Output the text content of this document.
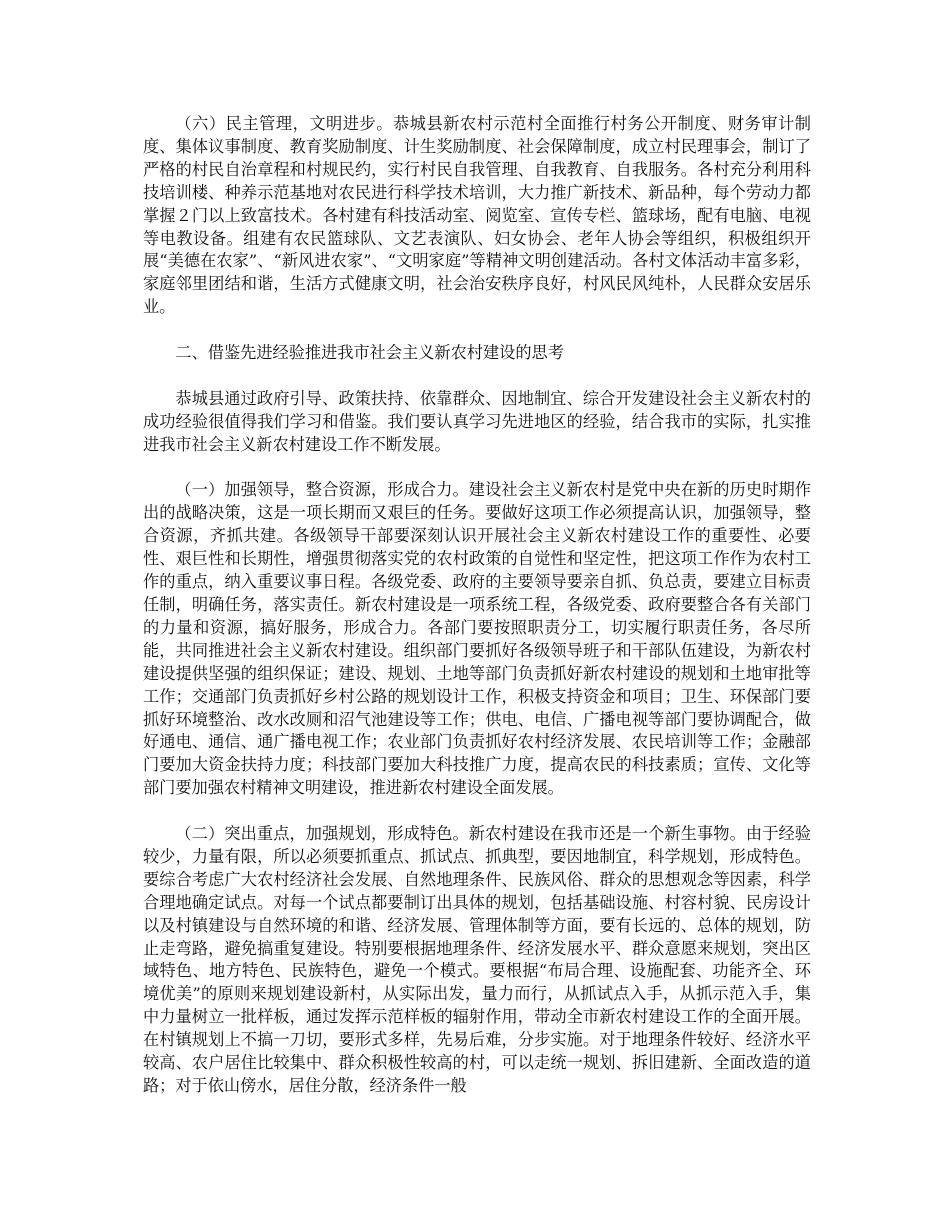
（六）民主管理，文明进步。恭城县新农村示范村全面推行村务公开制度、财务审计制度、集体议事制度、教育奖励制度、计生奖励制度、社会保障制度，成立村民理事会，制订了严格的村民自治章程和村规民约，实行村民自我管理、自我教育、自我服务。各村充分利用科技培训楼、种养示范基地对农民进行科学技术培训，大力推广新技术、新品种，每个劳动力都掌握２门以上致富技术。各村建有科技活动室、阅览室、宣传专栏、篮球场，配有电脑、电视等电教设备。组建有农民篮球队、文艺表演队、妇女协会、老年人协会等组织，积极组织开展“美德在农家”、“新风进农家”、“文明家庭”等精神文明创建活动。各村文体活动丰富多彩，家庭邻里团结和谐，生活方式健康文明，社会治安秩序良好，村风民风纯朴，人民群众安居乐业。

二、借鉴先进经验推进我市社会主义新农村建设的思考

恭城县通过政府引导、政策扶持、依靠群众、因地制宜、综合开发建设社会主义新农村的成功经验很值得我们学习和借鉴。我们要认真学习先进地区的经验，结合我市的实际，扎实推进我市社会主义新农村建设工作不断发展。

（一）加强领导，整合资源，形成合力。建设社会主义新农村是党中央在新的历史时期作出的战略决策，这是一项长期而又艰巨的任务。要做好这项工作必须提高认识，加强领导，整合资源，齐抓共建。各级领导干部要深刻认识开展社会主义新农村建设工作的重要性、必要性、艰巨性和长期性，增强贯彻落实党的农村政策的自觉性和坚定性，把这项工作作为农村工作的重点，纳入重要议事日程。各级党委、政府的主要领导要亲自抓、负总责，要建立目标责任制，明确任务，落实责任。新农村建设是一项系统工程，各级党委、政府要整合各有关部门的力量和资源，搞好服务，形成合力。各部门要按照职责分工，切实履行职责任务，各尽所能，共同推进社会主义新农村建设。组织部门要抓好各级领导班子和干部队伍建设，为新农村建设提供坚强的组织保证；建设、规划、土地等部门负责抓好新农村建设的规划和土地审批等工作；交通部门负责抓好乡村公路的规划设计工作，积极支持资金和项目；卫生、环保部门要抓好环境整治、改水改厕和沼气池建设等工作；供电、电信、广播电视等部门要协调配合，做好通电、通信、通广播电视工作；农业部门负责抓好农村经济发展、农民培训等工作；金融部门要加大资金扶持力度；科技部门要加大科技推广力度，提高农民的科技素质；宣传、文化等部门要加强农村精神文明建设，推进新农村建设全面发展。

（二）突出重点，加强规划，形成特色。新农村建设在我市还是一个新生事物。由于经验较少，力量有限，所以必须要抓重点、抓试点、抓典型，要因地制宜，科学规划，形成特色。要综合考虑广大农村经济社会发展、自然地理条件、民族风俗、群众的思想观念等因素，科学合理地确定试点。对每一个试点都要制订出具体的规划，包括基础设施、村容村貌、民房设计以及村镇建设与自然环境的和谐、经济发展、管理体制等方面，要有长远的、总体的规划，防止走弯路，避免搞重复建设。特别要根据地理条件、经济发展水平、群众意愿来规划，突出区域特色、地方特色、民族特色，避免一个模式。要根据“布局合理、设施配套、功能齐全、环境优美”的原则来规划建设新村，从实际出发，量力而行，从抓试点入手，从抓示范入手，集中力量树立一批样板，通过发挥示范样板的辐射作用，带动全市新农村建设工作的全面开展。在村镇规划上不搞一刀切，要形式多样，先易后难，分步实施。对于地理条件较好、经济水平较高、农户居住比较集中、群众积极性较高的村，可以走统一规划、拆旧建新、全面改造的道路；对于依山傍水，居住分散，经济条件一般
